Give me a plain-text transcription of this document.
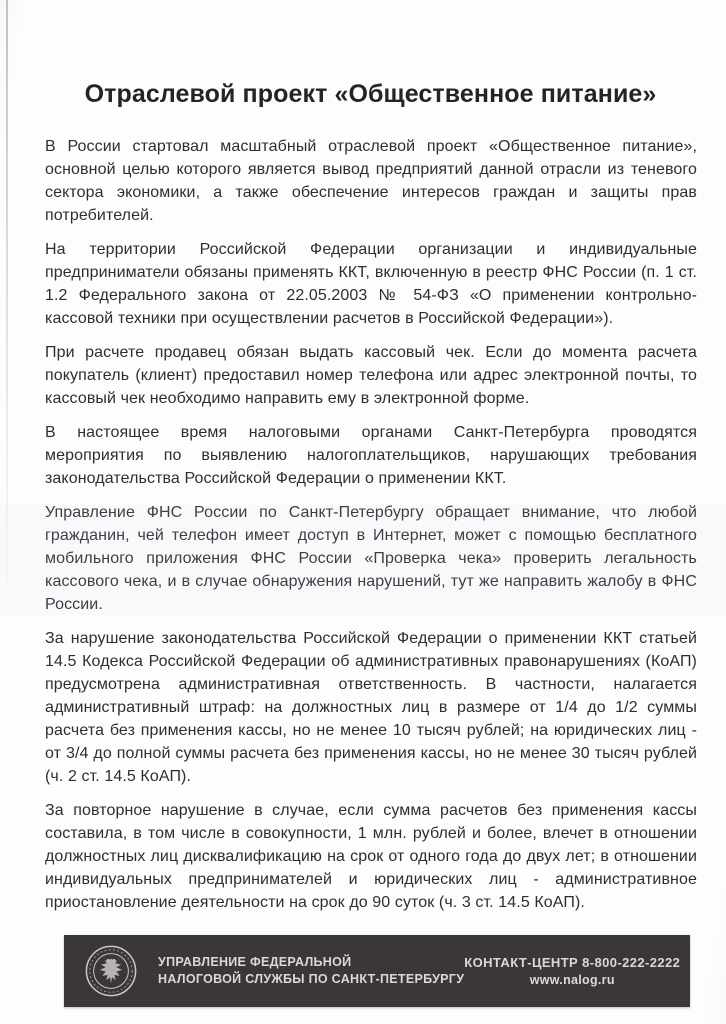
Отраслевой проект «Общественное питание»

В России стартовал масштабный отраслевой проект «Общественное питание», основной целью которого является вывод предприятий данной отрасли из теневого сектора экономики, а также обеспечение интересов граждан и защиты прав потребителей.

На территории Российской Федерации организации и индивидуальные предприниматели обязаны применять ККТ, включенную в реестр ФНС России (п. 1 ст. 1.2 Федерального закона от 22.05.2003 № 54-ФЗ «О применении контрольно-кассовой техники при осуществлении расчетов в Российской Федерации»).

При расчете продавец обязан выдать кассовый чек. Если до момента расчета покупатель (клиент) предоставил номер телефона или адрес электронной почты, то кассовый чек необходимо направить ему в электронной форме.

В настоящее время налоговыми органами Санкт-Петербурга проводятся мероприятия по выявлению налогоплательщиков, нарушающих требования законодательства Российской Федерации о применении ККТ.

Управление ФНС России по Санкт-Петербургу обращает внимание, что любой гражданин, чей телефон имеет доступ в Интернет, может с помощью бесплатного мобильного приложения ФНС России «Проверка чека» проверить легальность кассового чека, и в случае обнаружения нарушений, тут же направить жалобу в ФНС России.

За нарушение законодательства Российской Федерации о применении ККТ статьей 14.5 Кодекса Российской Федерации об административных правонарушениях (КоАП) предусмотрена административная ответственность. В частности, налагается административный штраф: на должностных лиц в размере от 1/4 до 1/2 суммы расчета без применения кассы, но не менее 10 тысяч рублей; на юридических лиц - от 3/4 до полной суммы расчета без применения кассы, но не менее 30 тысяч рублей (ч. 2 ст. 14.5 КоАП).

За повторное нарушение в случае, если сумма расчетов без применения кассы составила, в том числе в совокупности, 1 млн. рублей и более, влечет в отношении должностных лиц дисквалификацию на срок от одного года до двух лет; в отношении индивидуальных предпринимателей и юридических лиц - административное приостановление деятельности на срок до 90 суток (ч. 3 ст. 14.5 КоАП).

УПРАВЛЕНИЕ ФЕДЕРАЛЬНОЙ
НАЛОГОВОЙ СЛУЖБЫ ПО САНКТ-ПЕТЕРБУРГУ
КОНТАКТ-ЦЕНТР 8-800-222-2222
www.nalog.ru
